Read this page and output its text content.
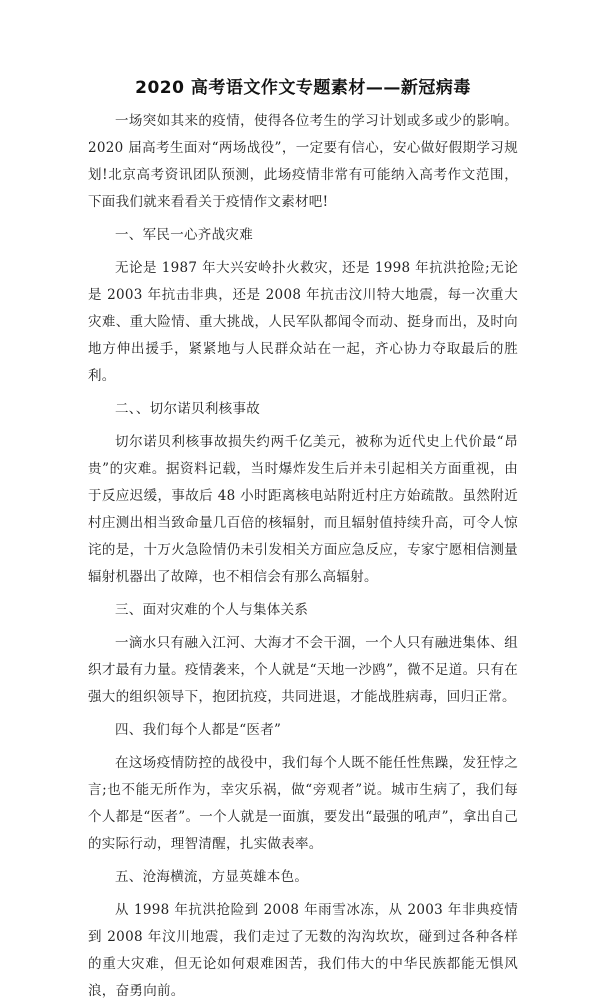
2020 高考语文作文专题素材——新冠病毒

一场突如其来的疫情，使得各位考生的学习计划或多或少的影响。2020 届高考生面对“两场战役”，一定要有信心，安心做好假期学习规划!北京高考资讯团队预测，此场疫情非常有可能纳入高考作文范围，下面我们就来看看关于疫情作文素材吧!

一、军民一心齐战灾难

无论是 1987 年大兴安岭扑火救灾，还是 1998 年抗洪抢险;无论是 2003 年抗击非典，还是 2008 年抗击汶川特大地震，每一次重大灾难、重大险情、重大挑战，人民军队都闻令而动、挺身而出，及时向地方伸出援手，紧紧地与人民群众站在一起，齐心协力夺取最后的胜利。

二、、切尔诺贝利核事故

切尔诺贝利核事故损失约两千亿美元，被称为近代史上代价最“昂贵”的灾难。据资料记载，当时爆炸发生后并未引起相关方面重视，由于反应迟缓，事故后 48 小时距离核电站附近村庄方始疏散。虽然附近村庄测出相当致命量几百倍的核辐射，而且辐射值持续升高，可令人惊诧的是，十万火急险情仍未引发相关方面应急反应，专家宁愿相信测量辐射机器出了故障，也不相信会有那么高辐射。

三、面对灾难的个人与集体关系

一滴水只有融入江河、大海才不会干涸，一个人只有融进集体、组织才最有力量。疫情袭来，个人就是“天地一沙鸥”，微不足道。只有在强大的组织领导下，抱团抗疫，共同进退，才能战胜病毒，回归正常。

四、我们每个人都是“医者”

在这场疫情防控的战役中，我们每个人既不能任性焦躁，发狂悖之言;也不能无所作为，幸灾乐祸，做“旁观者”说。城市生病了，我们每个人都是“医者”。一个人就是一面旗，要发出“最强的吼声”，拿出自己的实际行动，理智清醒，扎实做表率。

五、沧海横流，方显英雄本色。

从 1998 年抗洪抢险到 2008 年雨雪冰冻，从 2003 年非典疫情到 2008 年汶川地震，我们走过了无数的沟沟坎坎，碰到过各种各样的重大灾难，但无论如何艰难困苦，我们伟大的中华民族都能无惧风浪，奋勇向前。
